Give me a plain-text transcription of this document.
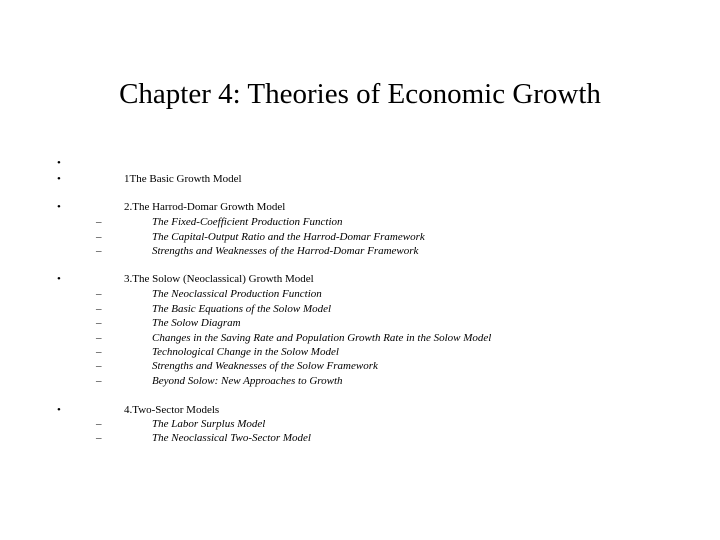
Chapter 4: Theories of Economic Growth
•
•	1The Basic Growth Model
•	2.The Harrod-Domar Growth Model
–	The Fixed-Coefficient Production Function
–	The Capital-Output Ratio and the Harrod-Domar Framework
–	Strengths and Weaknesses of the Harrod-Domar Framework
•	3.The Solow (Neoclassical) Growth Model
–	The Neoclassical Production Function
–	The Basic Equations of the Solow Model
–	The Solow Diagram
–	Changes in the Saving Rate and Population Growth Rate in the Solow Model
–	Technological Change in the Solow Model
–	Strengths and Weaknesses of the Solow Framework
–	Beyond Solow: New Approaches to Growth
•	4.Two-Sector Models
–	The Labor Surplus Model
–	The Neoclassical Two-Sector Model
